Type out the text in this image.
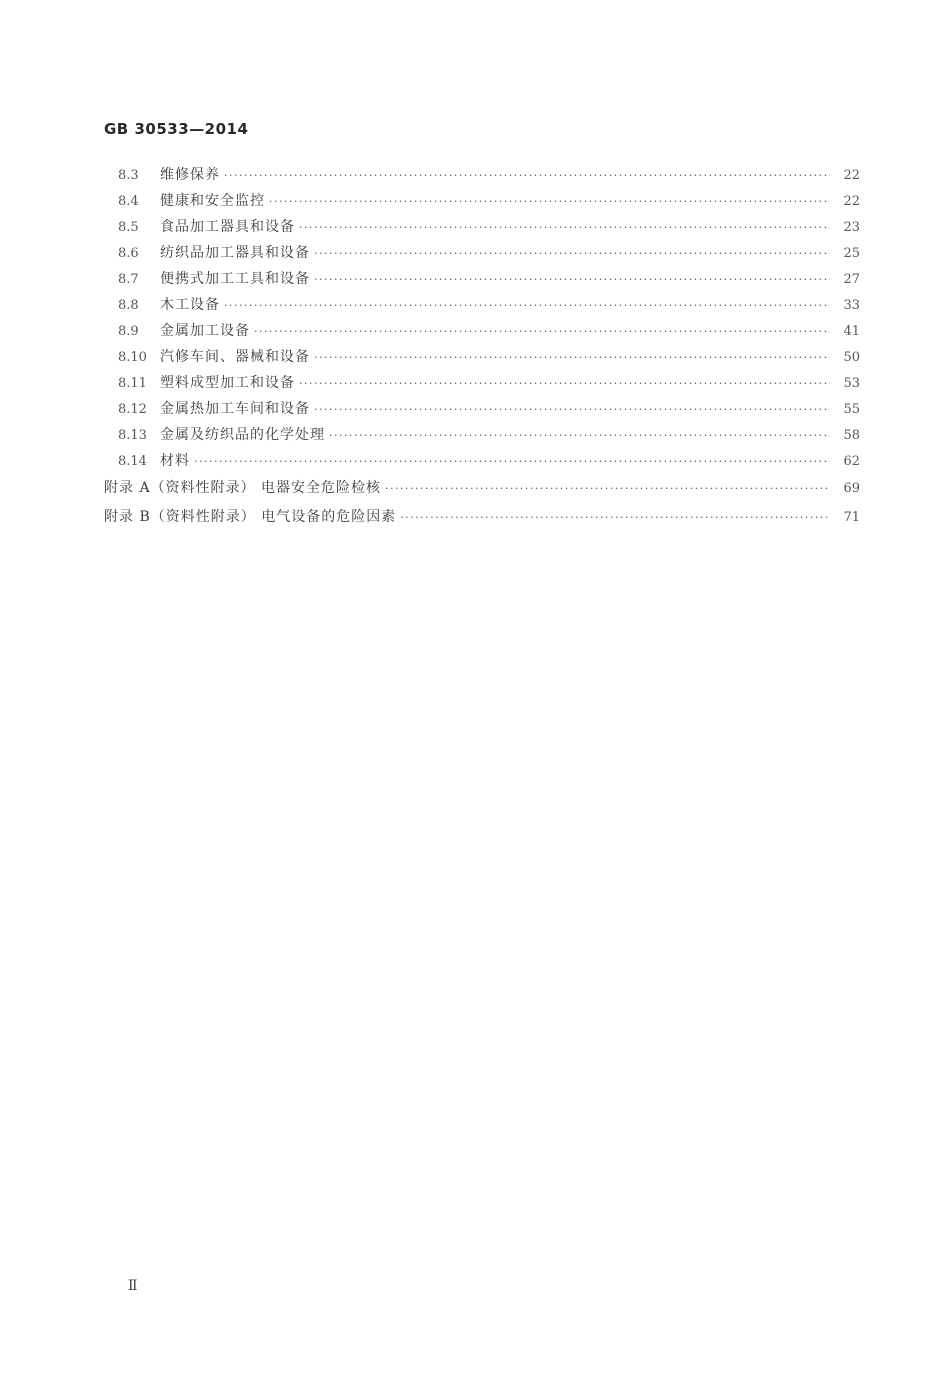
GB 30533—2014
8.3	维修保养 ·····	22
8.4	健康和安全监控 ·····	22
8.5	食品加工器具和设备 ·····	23
8.6	纺织品加工器具和设备 ·····	25
8.7	便携式加工工具和设备 ·····	27
8.8	木工设备 ·····	33
8.9	金属加工设备 ·····	41
8.10 汽修车间、器械和设备 ·····	50
8.11 塑料成型加工和设备 ·····	53
8.12 金属热加工车间和设备 ·····	55
8.13 金属及纺织品的化学处理 ·····	58
8.14 材料 ·····	62
附录 A（资料性附录） 电器安全危险检核 ·····	69
附录 B（资料性附录） 电气设备的危险因素 ·····	71
Ⅱ
